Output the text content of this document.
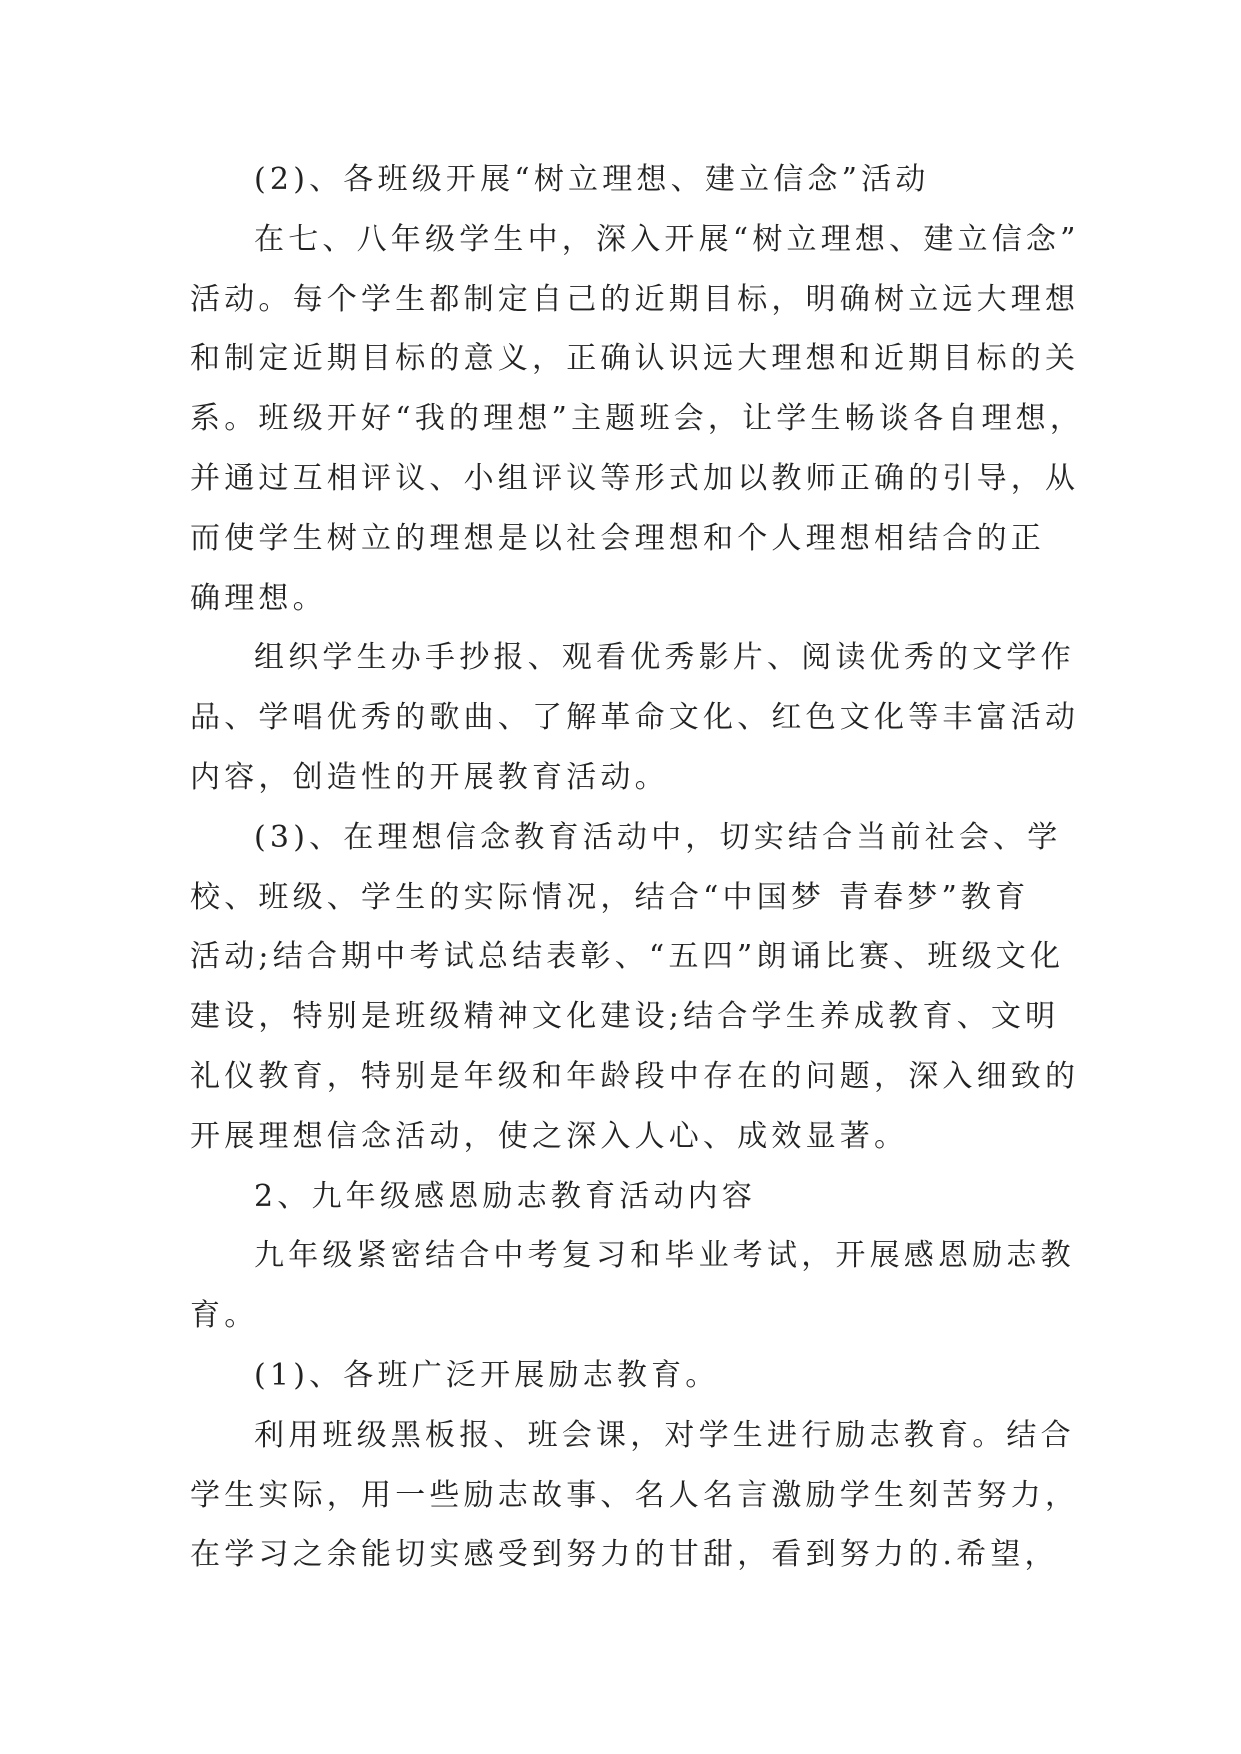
(2)、各班级开展“树立理想、建立信念”活动
在七、八年级学生中，深入开展“树立理想、建立信念”
活动。每个学生都制定自己的近期目标，明确树立远大理想
和制定近期目标的意义，正确认识远大理想和近期目标的关
系。班级开好“我的理想”主题班会，让学生畅谈各自理想，
并通过互相评议、小组评议等形式加以教师正确的引导，从
而使学生树立的理想是以社会理想和个人理想相结合的正
确理想。
组织学生办手抄报、观看优秀影片、阅读优秀的文学作
品、学唱优秀的歌曲、了解革命文化、红色文化等丰富活动
内容，创造性的开展教育活动。
(3)、在理想信念教育活动中，切实结合当前社会、学
校、班级、学生的实际情况，结合“中国梦 青春梦”教育
活动;结合期中考试总结表彰、“五四”朗诵比赛、班级文化
建设，特别是班级精神文化建设;结合学生养成教育、文明
礼仪教育，特别是年级和年龄段中存在的问题，深入细致的
开展理想信念活动，使之深入人心、成效显著。
2、九年级感恩励志教育活动内容
九年级紧密结合中考复习和毕业考试，开展感恩励志教
育。
(1)、各班广泛开展励志教育。
利用班级黑板报、班会课，对学生进行励志教育。结合
学生实际，用一些励志故事、名人名言激励学生刻苦努力，
在学习之余能切实感受到努力的甘甜，看到努力的.希望，
